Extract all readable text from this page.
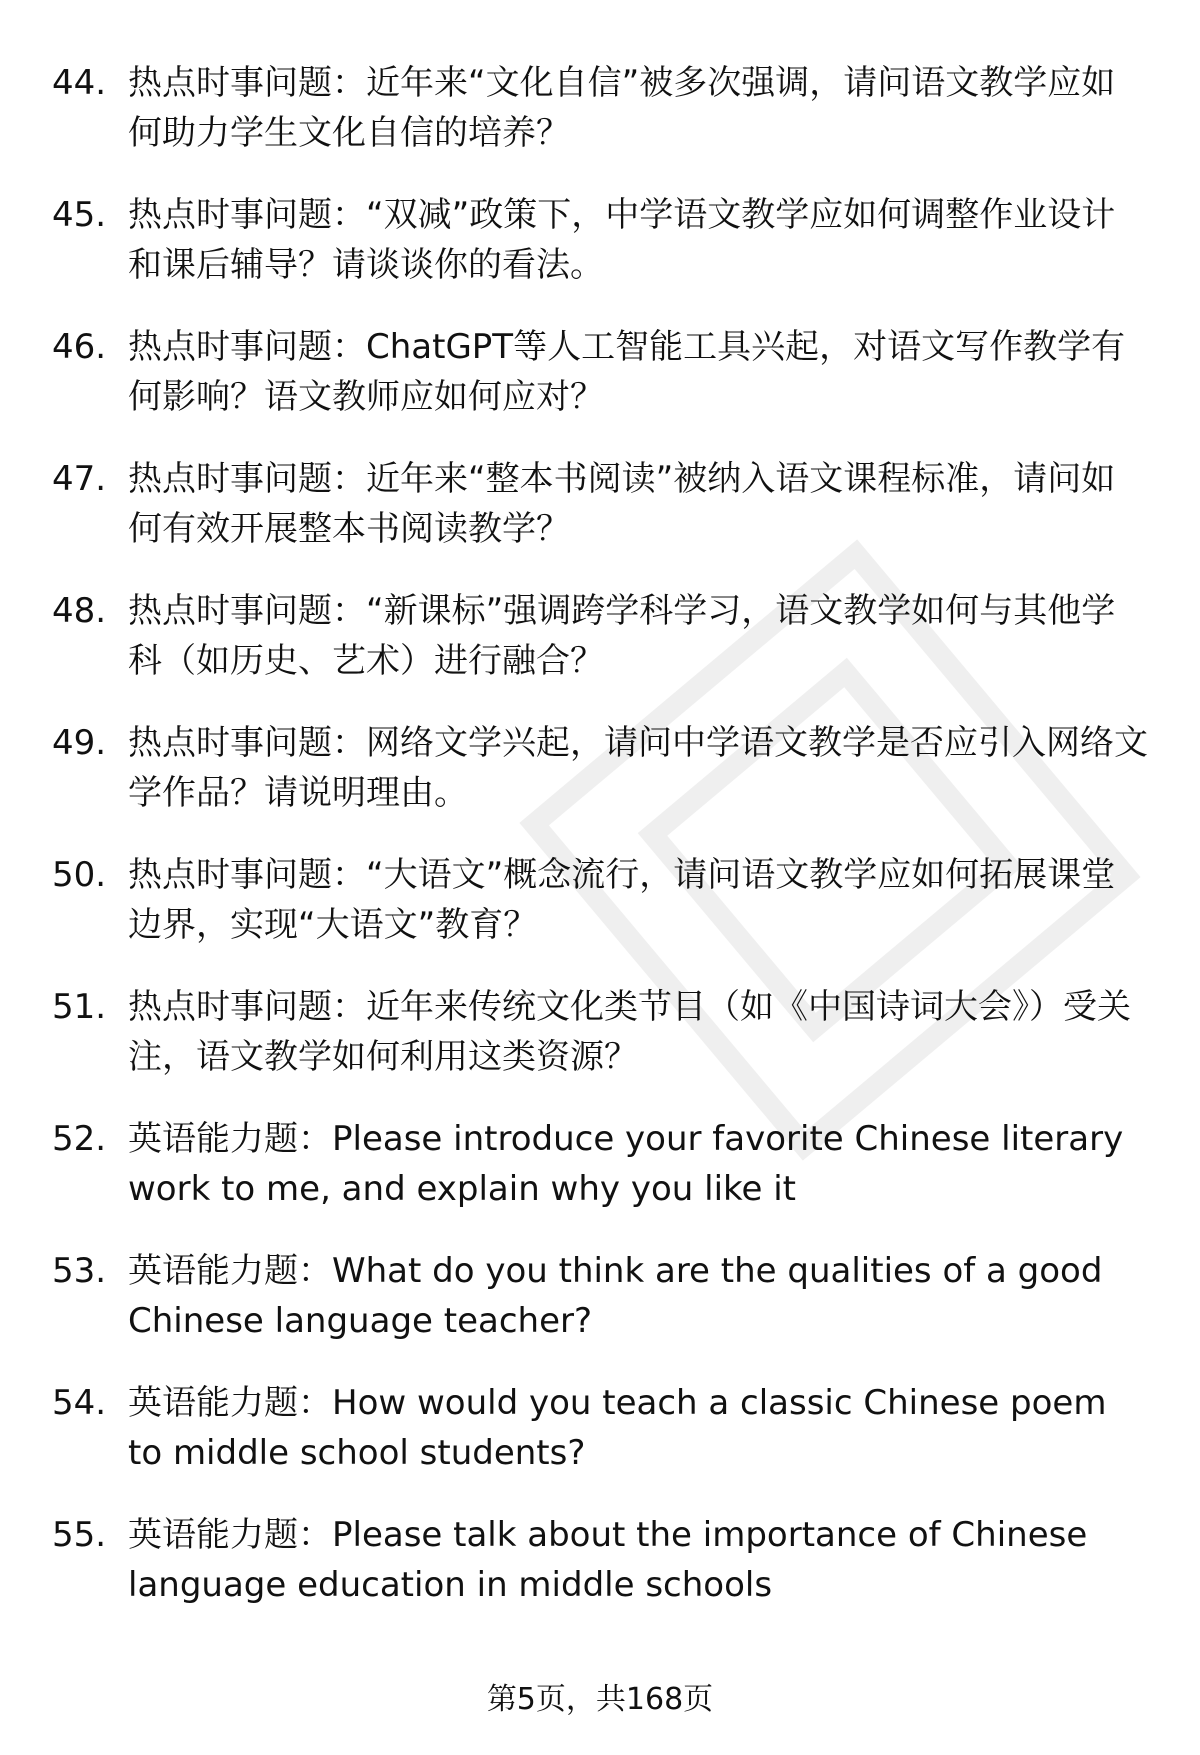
44. 热点时事问题：近年来“文化自信”被多次强调，请问语文教学应如何助力学生文化自信的培养？
45. 热点时事问题：“双减”政策下，中学语文教学应如何调整作业设计和课后辅导？请谈谈你的看法。
46. 热点时事问题：ChatGPT等人工智能工具兴起，对语文写作教学有何影响？语文教师应如何应对？
47. 热点时事问题：近年来“整本书阅读”被纳入语文课程标准，请问如何有效开展整本书阅读教学？
48. 热点时事问题：“新课标”强调跨学科学习，语文教学如何与其他学科（如历史、艺术）进行融合？
49. 热点时事问题：网络文学兴起，请问中学语文教学是否应引入网络文学作品？请说明理由。
50. 热点时事问题：“大语文”概念流行，请问语文教学应如何拓展课堂边界，实现“大语文”教育？
51. 热点时事问题：近年来传统文化类节目（如《中国诗词大会》）受关注，语文教学如何利用这类资源？
52. 英语能力题：Please introduce your favorite Chinese literary work to me, and explain why you like it
53. 英语能力题：What do you think are the qualities of a good Chinese language teacher?
54. 英语能力题：How would you teach a classic Chinese poem to middle school students?
55. 英语能力题：Please talk about the importance of Chinese language education in middle schools
第5页，共168页
